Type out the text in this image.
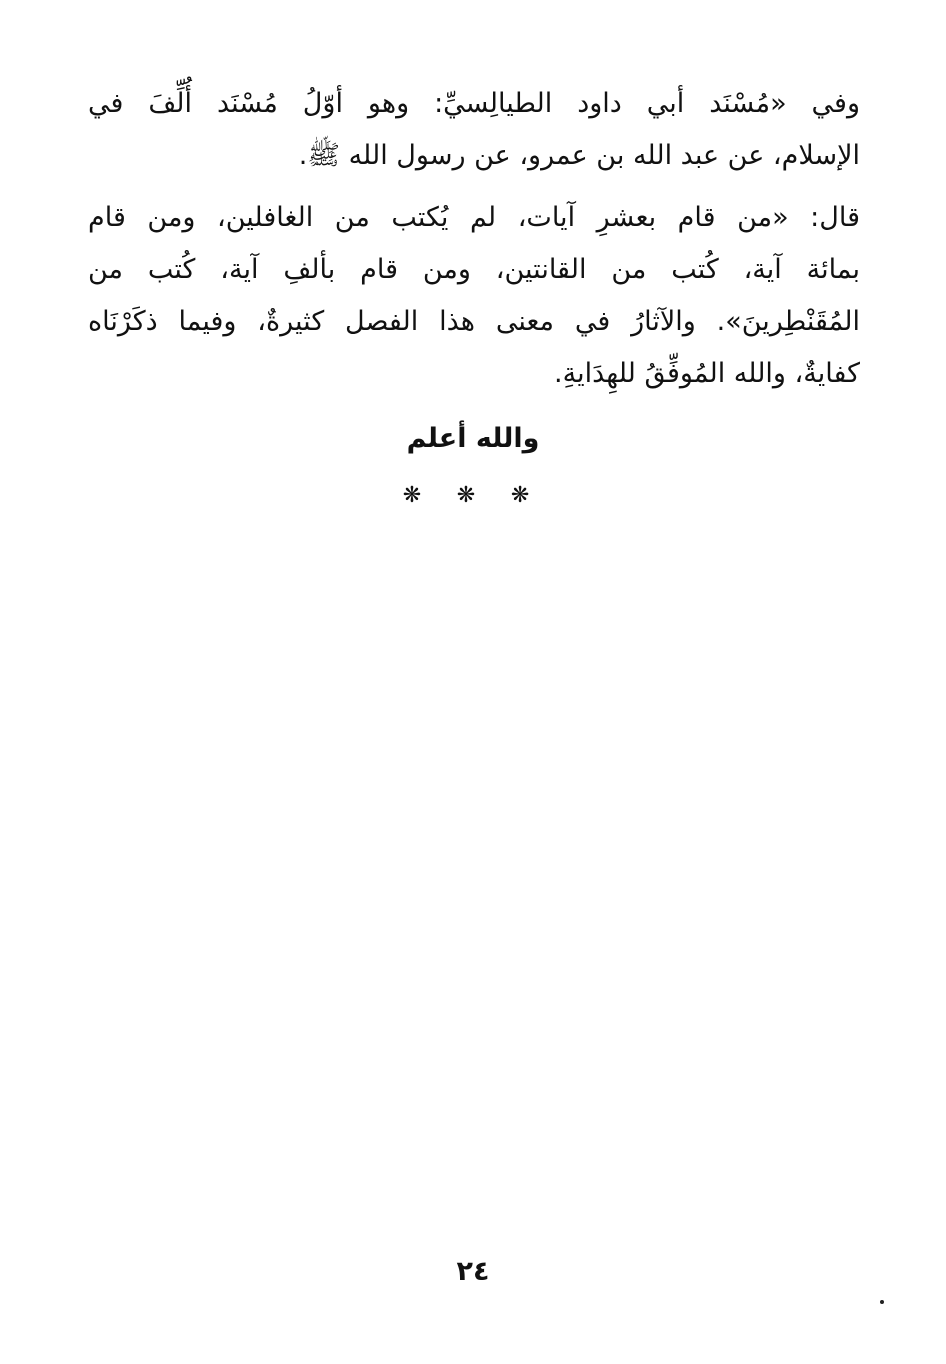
وفي «مُسْنَد أبي داود الطيالِسيِّ: وهو أوّلُ مُسْنَد أُلِّفَ في
الإسلام، عن عبد الله بن عمرو، عن رسول الله ﷺ.
قال: «من قام بعشرِ آيات، لم يُكتب من الغافلين، ومن قام
بمائة آية، كُتب من القانتين، ومن قام بألفِ آية، كُتب من
المُقَنْطِرينَ». والآثارُ في معنى هذا الفصل كثيرةٌ، وفيما ذكَرْنَاه
كفايةٌ، والله المُوفِّقُ للهِدَايةِ.
والله أعلم
❋ ❋ ❋
٢٤
